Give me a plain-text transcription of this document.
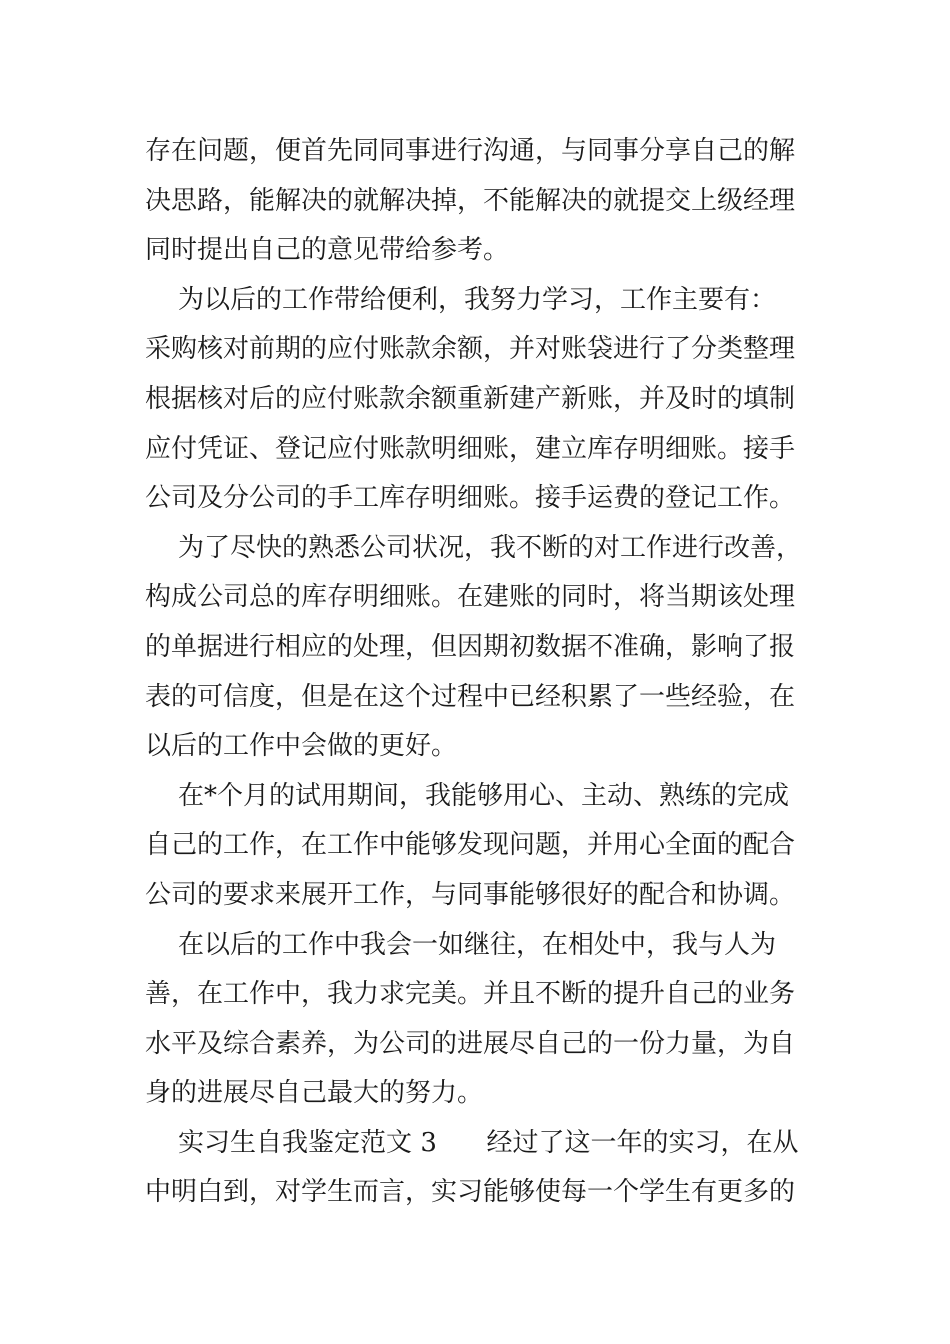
存在问题，便首先同同事进行沟通，与同事分享自己的解
决思路，能解决的就解决掉，不能解决的就提交上级经理
同时提出自己的意见带给参考。
为以后的工作带给便利，我努力学习，工作主要有：
采购核对前期的应付账款余额，并对账袋进行了分类整理
根据核对后的应付账款余额重新建产新账，并及时的填制
应付凭证、登记应付账款明细账，建立库存明细账。接手
公司及分公司的手工库存明细账。接手运费的登记工作。
为了尽快的熟悉公司状况，我不断的对工作进行改善，
构成公司总的库存明细账。在建账的同时，将当期该处理
的单据进行相应的处理，但因期初数据不准确，影响了报
表的可信度，但是在这个过程中已经积累了一些经验，在
以后的工作中会做的更好。
在*个月的试用期间，我能够用心、主动、熟练的完成
自己的工作，在工作中能够发现问题，并用心全面的配合
公司的要求来展开工作，与同事能够很好的配合和协调。
在以后的工作中我会一如继往，在相处中，我与人为
善，在工作中，我力求完美。并且不断的提升自己的业务
水平及综合素养，为公司的进展尽自己的一份力量，为自
身的进展尽自己最大的努力。
实习生自我鉴定范文 3      经过了这一年的实习，在从
中明白到，对学生而言，实习能够使每一个学生有更多的
